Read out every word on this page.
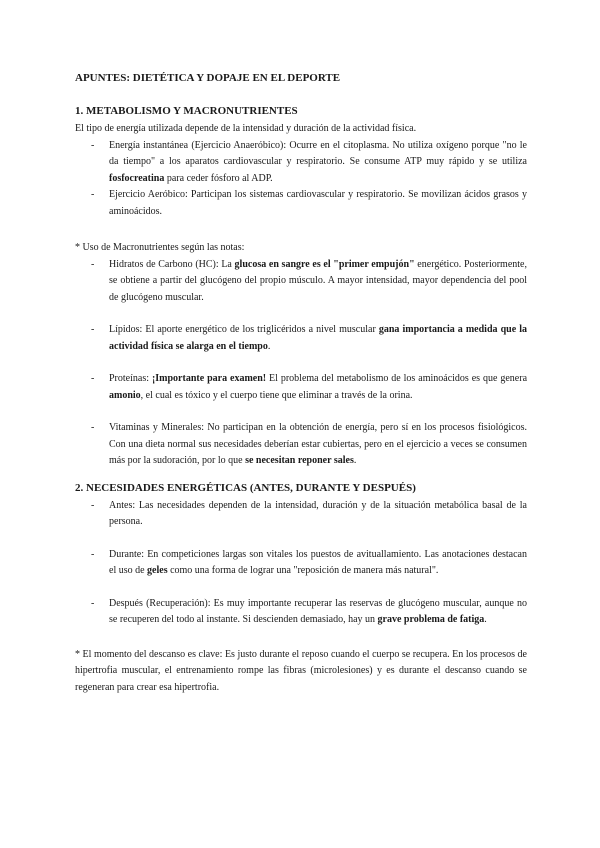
APUNTES: DIETÉTICA Y DOPAJE EN EL DEPORTE
1. METABOLISMO Y MACRONUTRIENTES

El tipo de energía utilizada depende de la intensidad y duración de la actividad física.

- Energía instantánea (Ejercicio Anaeróbico): Ocurre en el citoplasma. No utiliza oxígeno porque "no le da tiempo" a los aparatos cardiovascular y respiratorio. Se consume ATP muy rápido y se utiliza fosfocreatina para ceder fósforo al ADP.
- Ejercicio Aeróbico: Participan los sistemas cardiovascular y respiratorio. Se movilizan ácidos grasos y aminoácidos.

* Uso de Macronutrientes según las notas:

- Hidratos de Carbono (HC): La glucosa en sangre es el "primer empujón" energético. Posteriormente, se obtiene a partir del glucógeno del propio músculo. A mayor intensidad, mayor dependencia del pool de glucógeno muscular.
- Lípidos: El aporte energético de los triglicéridos a nivel muscular gana importancia a medida que la actividad física se alarga en el tiempo.
- Proteínas: ¡Importante para examen! El problema del metabolismo de los aminoácidos es que genera amonio, el cual es tóxico y el cuerpo tiene que eliminar a través de la orina.
- Vitaminas y Minerales: No participan en la obtención de energía, pero sí en los procesos fisiológicos. Con una dieta normal sus necesidades deberían estar cubiertas, pero en el ejercicio a veces se consumen más por la sudoración, por lo que se necesitan reponer sales.
2. NECESIDADES ENERGÉTICAS (ANTES, DURANTE Y DESPUÉS)
- Antes: Las necesidades dependen de la intensidad, duración y de la situación metabólica basal de la persona.
- Durante: En competiciones largas son vitales los puestos de avituallamiento. Las anotaciones destacan el uso de geles como una forma de lograr una "reposición de manera más natural".
- Después (Recuperación): Es muy importante recuperar las reservas de glucógeno muscular, aunque no se recuperen del todo al instante. Si descienden demasiado, hay un grave problema de fatiga.

* El momento del descanso es clave: Es justo durante el reposo cuando el cuerpo se recupera. En los procesos de hipertrofia muscular, el entrenamiento rompe las fibras (microlesiones) y es durante el descanso cuando se regeneran para crear esa hipertrofia.
